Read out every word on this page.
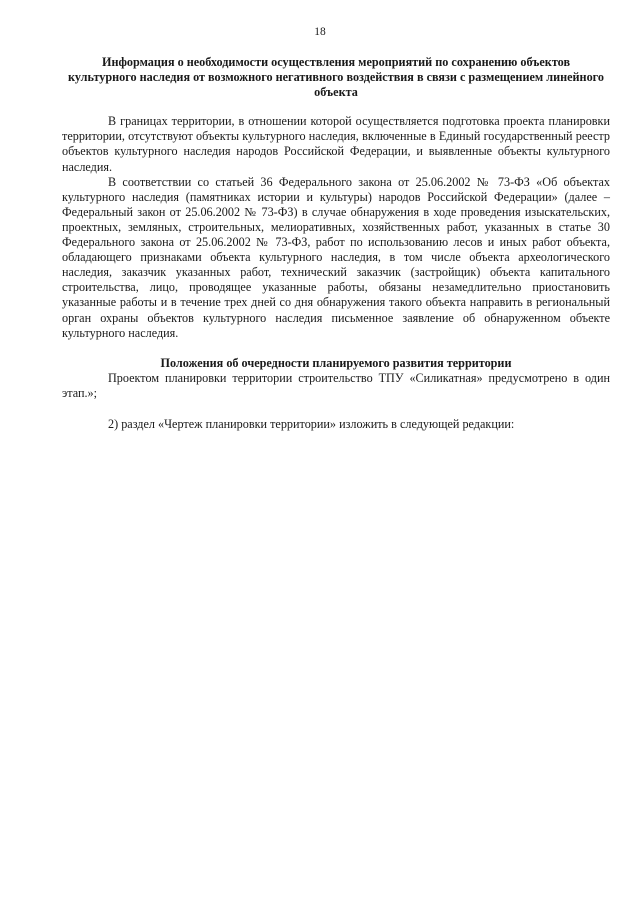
18

Информация о необходимости осуществления мероприятий по сохранению объектов культурного наследия от возможного негативного воздействия в связи с размещением линейного объекта

В границах территории, в отношении которой осуществляется подготовка проекта планировки территории, отсутствуют объекты культурного наследия, включенные в Единый государственный реестр объектов культурного наследия народов Российской Федерации, и выявленные объекты культурного наследия.

В соответствии со статьей 36 Федерального закона от 25.06.2002 № 73-ФЗ «Об объектах культурного наследия (памятниках истории и культуры) народов Российской Федерации» (далее – Федеральный закон от 25.06.2002 № 73-ФЗ) в случае обнаружения в ходе проведения изыскательских, проектных, земляных, строительных, мелиоративных, хозяйственных работ, указанных в статье 30 Федерального закона от 25.06.2002 № 73-ФЗ, работ по использованию лесов и иных работ объекта, обладающего признаками объекта культурного наследия, в том числе объекта археологического наследия, заказчик указанных работ, технический заказчик (застройщик) объекта капитального строительства, лицо, проводящее указанные работы, обязаны незамедлительно приостановить указанные работы и в течение трех дней со дня обнаружения такого объекта направить в региональный орган охраны объектов культурного наследия письменное заявление об обнаруженном объекте культурного наследия.

Положения об очередности планируемого развития территории

Проектом планировки территории строительство ТПУ «Силикатная» предусмотрено в один этап.»;

2) раздел «Чертеж планировки территории» изложить в следующей редакции:
